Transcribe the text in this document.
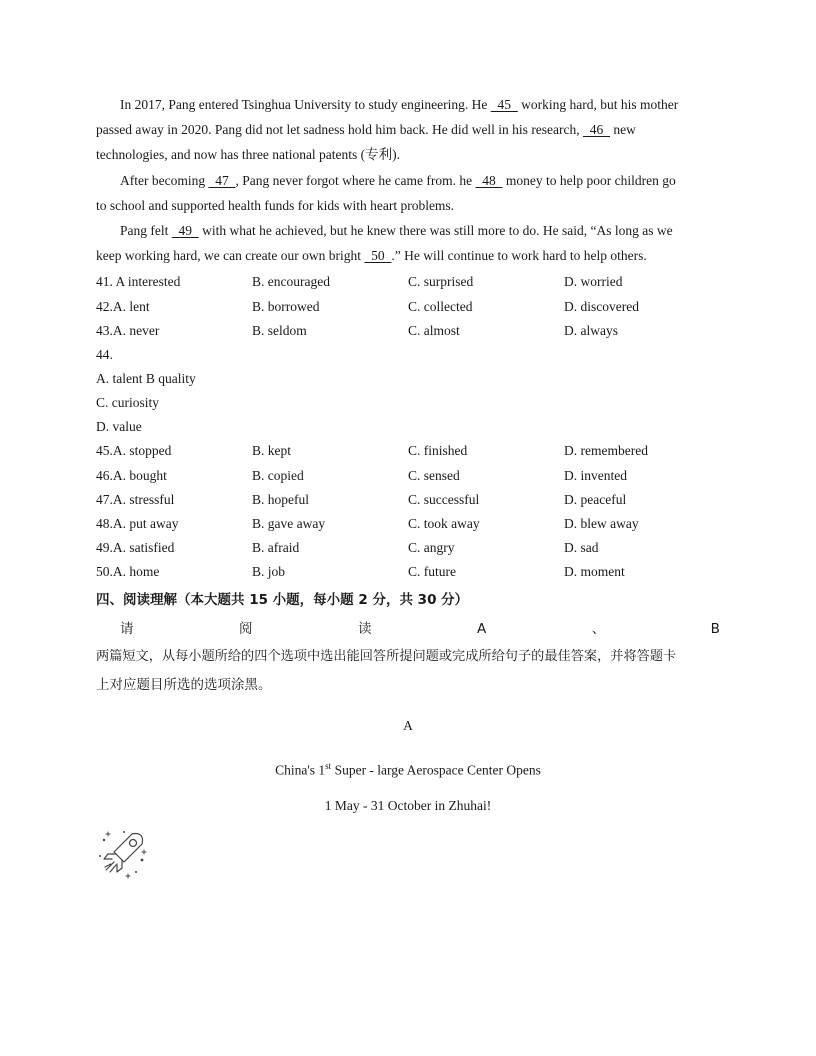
In 2017, Pang entered Tsinghua University to study engineering. He   45   working hard, but his mother
passed away in 2020. Pang did not let sadness hold him back. He did well in his research,   46   new
technologies, and now has three national patents (专利).
After becoming   47  , Pang never forgot where he came from. he   48   money to help poor children go
to school and supported health funds for kids with heart problems.
Pang felt   49   with what he achieved, but he knew there was still more to do. He said, “As long as we
keep working hard, we can create our own bright   50  .” He will continue to work hard to help others.
41. A interested	B. encouraged	C. surprised	D. worried
42.A. lent	B. borrowed	C. collected	D. discovered
43.A. never	B. seldom	C. almost	D. always
44.
A. talent B quality
C. curiosity
D. value
45.A. stopped	B. kept	C. finished	D. remembered
46.A. bought	B. copied	C. sensed	D. invented
47.A. stressful	B. hopeful	C. successful	D. peaceful
48.A. put away	B. gave away	C. took away	D. blew away
49.A. satisfied	B. afraid	C. angry	D. sad
50.A. home	B. job	C. future	D. moment
四、阅读理解（本大题共 15 小题，每小题 2 分，共 30 分）
请	阅	读	A	、	B
两篇短文，从每小题所给的四个选项中选出能回答所提问题或完成所给句子的最佳答案，并将答题卡
上对应题目所选的选项涂黑。
A
China's 1st Super - large Aerospace Center Opens
1 May - 31 October in Zhuhai!
